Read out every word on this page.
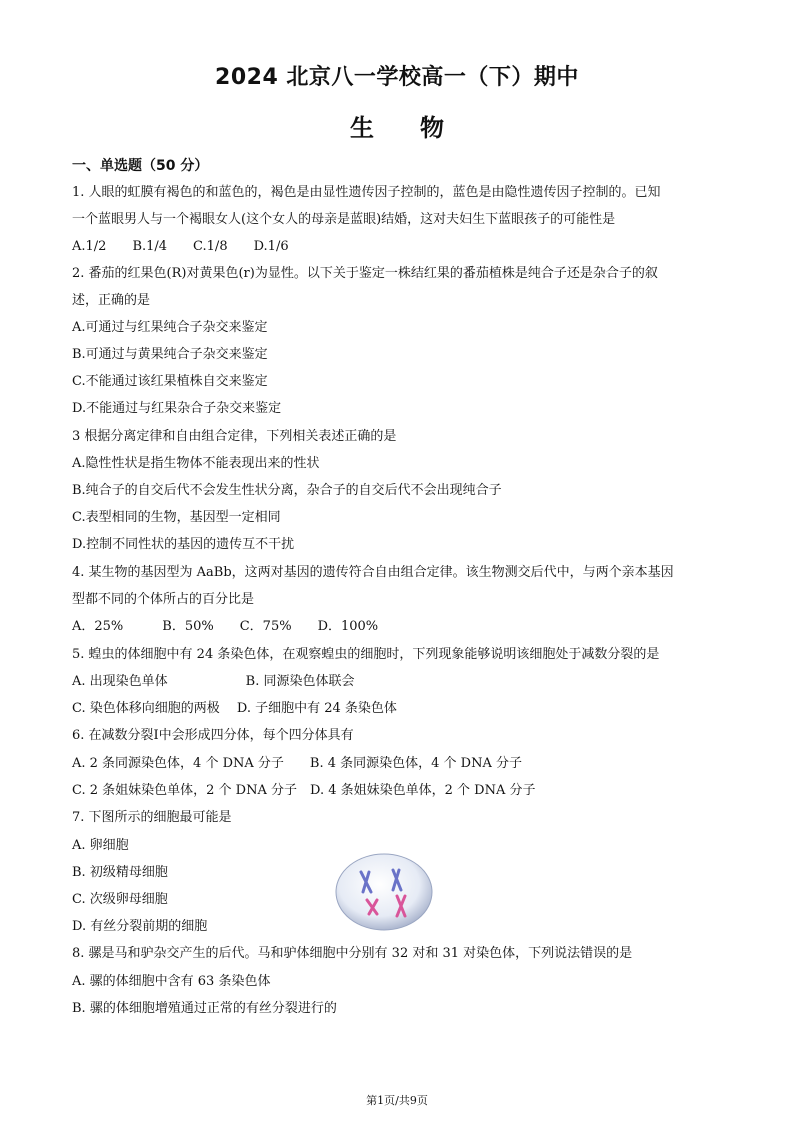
2024 北京八一学校高一（下）期中
生物
一、单选题（50 分）
1. 人眼的虹膜有褐色的和蓝色的，褐色是由显性遗传因子控制的，蓝色是由隐性遗传因子控制的。已知
一个蓝眼男人与一个褐眼女人(这个女人的母亲是蓝眼)结婚，这对夫妇生下蓝眼孩子的可能性是
A.1/2　　B.1/4　　C.1/8　　D.1/6
2. 番茄的红果色(R)对黄果色(r)为显性。以下关于鉴定一株结红果的番茄植株是纯合子还是杂合子的叙
述，正确的是
A.可通过与红果纯合子杂交来鉴定
B.可通过与黄果纯合子杂交来鉴定
C.不能通过该红果植株自交来鉴定
D.不能通过与红果杂合子杂交来鉴定
3 根据分离定律和自由组合定律，下列相关表述正确的是
A.隐性性状是指生物体不能表现出来的性状
B.纯合子的自交后代不会发生性状分离，杂合子的自交后代不会出现纯合子
C.表型相同的生物，基因型一定相同
D.控制不同性状的基因的遗传互不干扰
4. 某生物的基因型为 AaBb，这两对基因的遗传符合自由组合定律。该生物测交后代中，与两个亲本基因
型都不同的个体所占的百分比是
A．25%　　　B．50%　　C．75%　　D．100%
5. 蝗虫的体细胞中有 24 条染色体，在观察蝗虫的细胞时，下列现象能够说明该细胞处于减数分裂的是
A. 出现染色单体　　　　　　B. 同源染色体联会
C. 染色体移向细胞的两极　 D. 子细胞中有 24 条染色体
6. 在减数分裂Ⅰ中会形成四分体，每个四分体具有
A. 2 条同源染色体，4 个 DNA 分子　　B. 4 条同源染色体，4 个 DNA 分子
C. 2 条姐妹染色单体，2 个 DNA 分子　D. 4 条姐妹染色单体，2 个 DNA 分子
7. 下图所示的细胞最可能是
A. 卵细胞
B. 初级精母细胞
C. 次级卵母细胞
D. 有丝分裂前期的细胞
8. 骡是马和驴杂交产生的后代。马和驴体细胞中分别有 32 对和 31 对染色体，下列说法错误的是
A. 骡的体细胞中含有 63 条染色体
B. 骡的体细胞增殖通过正常的有丝分裂进行的
第1页/共9页
